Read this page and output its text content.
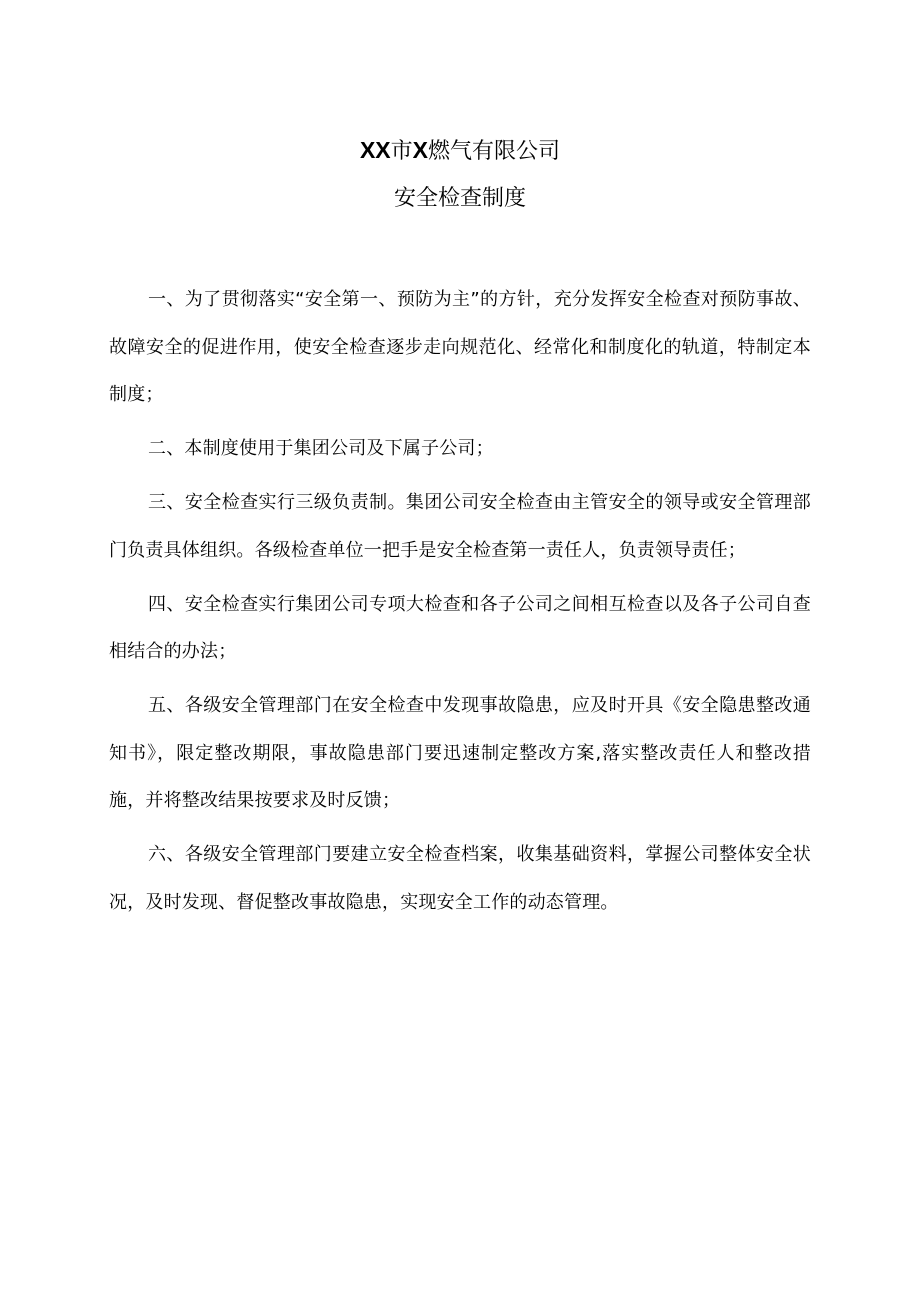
XX市X燃气有限公司
安全检查制度

一、为了贯彻落实“安全第一、预防为主”的方针，充分发挥安全检查对预防事故、故障安全的促进作用，使安全检查逐步走向规范化、经常化和制度化的轨道，特制定本制度；

二、本制度使用于集团公司及下属子公司；

三、安全检查实行三级负责制。集团公司安全检查由主管安全的领导或安全管理部门负责具体组织。各级检查单位一把手是安全检查第一责任人，负责领导责任；

四、安全检查实行集团公司专项大检查和各子公司之间相互检查以及各子公司自查相结合的办法；

五、各级安全管理部门在安全检查中发现事故隐患，应及时开具《安全隐患整改通知书》，限定整改期限，事故隐患部门要迅速制定整改方案,落实整改责任人和整改措施，并将整改结果按要求及时反馈；

六、各级安全管理部门要建立安全检查档案，收集基础资料，掌握公司整体安全状况，及时发现、督促整改事故隐患，实现安全工作的动态管理。
